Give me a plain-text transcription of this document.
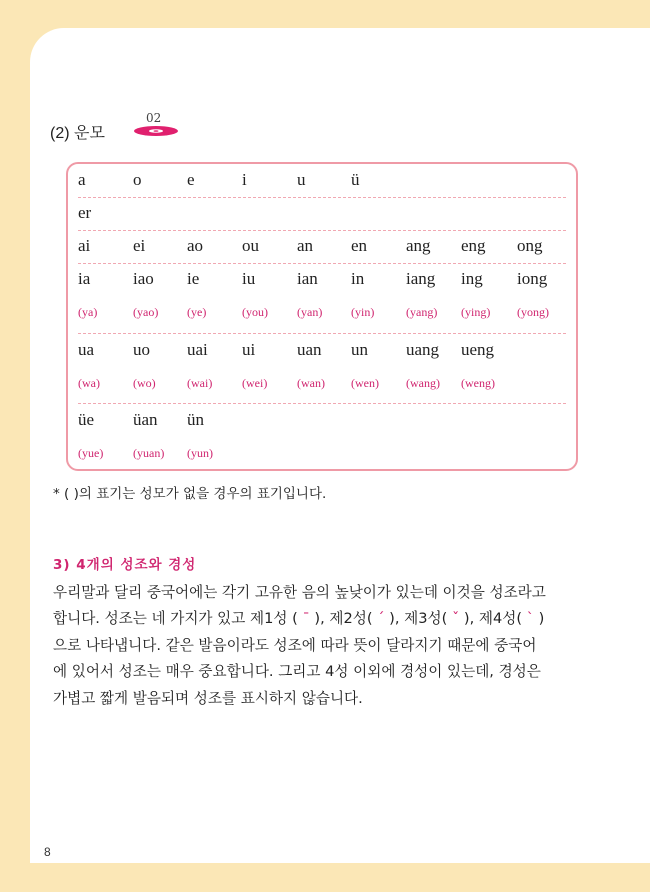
(2) 운모
02
a	o	e	i	u	ü
er
ai	ei ao ou an en ang eng ong
ia	iao ie	iu ian in iang ing iong
(ya)	(yao) (ye)	(you) (yan) (yin)	(yang) (ying) (yong)
ua uo uai ui uan un uang ueng
(wa)	(wo)	(wai) (wei) (wan) (wen) (wang) (weng)
üe üan ün
(yue) (yuan) (yun)
* ( )의 표기는 성모가 없을 경우의 표기입니다.
3) 4개의 성조와 경성
우리말과 달리 중국어에는 각기 고유한 음의 높낮이가 있는데 이것을 성조라고
합니다. 성조는 네 가지가 있고 제1성 ( ˉ ), 제2성( ˊ ), 제3성( ˇ ), 제4성( ˋ )
으로 나타냅니다. 같은 발음이라도 성조에 따라 뜻이 달라지기 때문에 중국어
에 있어서 성조는 매우 중요합니다. 그리고 4성 이외에 경성이 있는데, 경성은
가볍고 짧게 발음되며 성조를 표시하지 않습니다.
8
